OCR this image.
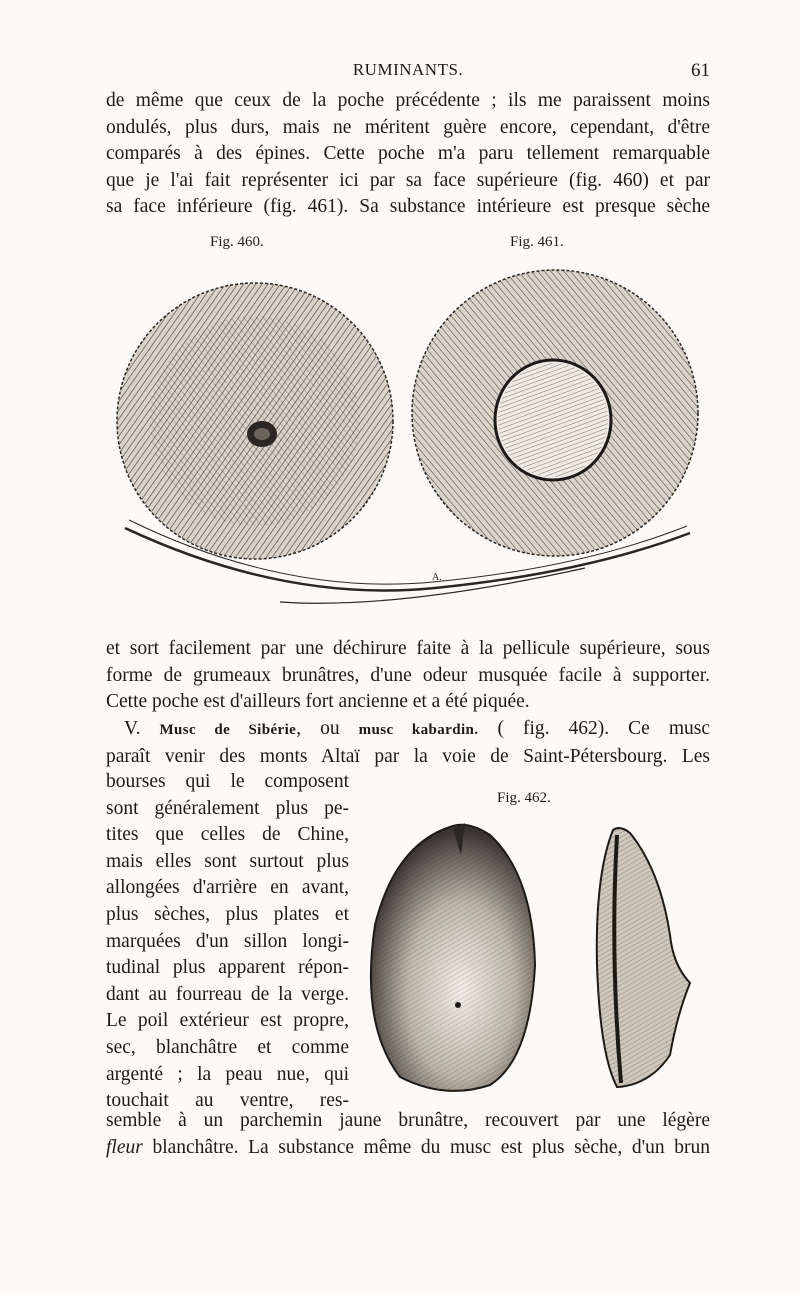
RUMINANTS.	61
de même que ceux de la poche précédente ; ils me paraissent moins
ondulés, plus durs, mais ne méritent guère encore, cependant, d'être
comparés à des épines. Cette poche m'a paru tellement remarquable
que je l'ai fait représenter ici par sa face supérieure (fig. 460) et par
sa face inférieure (fig. 461). Sa substance intérieure est presque sèche
Fig. 460.	Fig. 461.
A.
et sort facilement par une déchirure faite à la pellicule supérieure, sous
forme de grumeaux brunâtres, d'une odeur musquée facile à supporter.
Cette poche est d'ailleurs fort ancienne et a été piquée.
V. Musc de Sibérie, ou musc kabardin. ( fig. 462). Ce musc
paraît venir des monts Altaï par la voie de Saint-Pétersbourg. Les
bourses qui le composent
sont généralement plus pe-
tites que celles de Chine,
mais elles sont surtout plus
allongées d'arrière en avant,
plus sèches, plus plates et
marquées d'un sillon longi-
tudinal plus apparent répon-
dant au fourreau de la verge.
Le poil extérieur est propre,
sec, blanchâtre et comme
argenté ; la peau nue, qui
touchait au ventre, res-
Fig. 462.
semble à un parchemin jaune brunâtre, recouvert par une légère
fleur blanchâtre. La substance même du musc est plus sèche, d'un brun
